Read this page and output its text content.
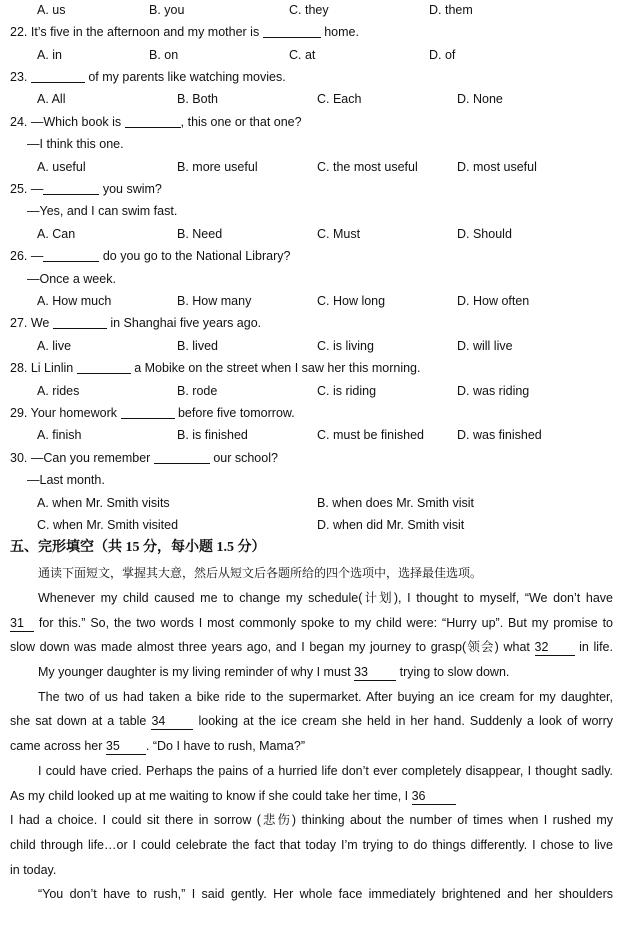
A. us	B. you	C. they	D. them
22. It’s five in the afternoon and my mother is	home.
A. in	B. on	C. at	D. of
23.	of my parents like watching movies.
A. All	B. Both	C. Each	D. None
24. —Which book is	, this one or that one?
—I think this one.
A. useful	B. more useful	C. the most useful	D. most useful
25. —	you swim?
—Yes, and I can swim fast.
A. Can	B. Need	C. Must	D. Should
26. —	do you go to the National Library?
—Once a week.
A. How much	B. How many	C. How long	D. How often
27. We	in Shanghai five years ago.
A. live	B. lived	C. is living	D. will live
28. Li Linlin	a Mobike on the street when I saw her this morning.
A. rides	B. rode	C. is riding	D. was riding
29. Your homework	before five tomorrow.
A. finish	B. is finished	C. must be finished	D. was finished
30. —Can you remember	our school?
—Last month.
A. when Mr. Smith visits	B. when does Mr. Smith visit
C. when Mr. Smith visited	D. when did Mr. Smith visit
五、完形填空（共 15 分，每小题 1.5 分）
通读下面短文，掌握其大意，然后从短文后各题所给的四个选项中，选择最佳选项。
Whenever my child caused me to change my schedule(计划), I thought to myself, “We don’t have
31 for this.” So, the two words I most commonly spoke to my child were: “Hurry up”. But my promise to
slow down was made almost three years ago, and I began my journey to grasp(领会) what 32 in life.
My younger daughter is my living reminder of why I must 33	trying to slow down.
The two of us had taken a bike ride to the supermarket. After buying an ice cream for my daughter,
she sat down at a table 34	looking at the ice cream she held in her hand. Suddenly a look of worry
came across her 35 . “Do I have to rush, Mama?”
I could have cried. Perhaps the pains of a hurried life don’t ever completely disappear, I thought sadly.
As my child looked up at me waiting to know if she could take her time, I 36
I had a choice. I could sit there in sorrow (悲伤) thinking about the number of times when I rushed my
child through life…or I could celebrate the fact that today I’m trying to do things differently. I chose to live
in today.
“You don’t have to rush,” I said gently. Her whole face immediately brightened and her shoulders
